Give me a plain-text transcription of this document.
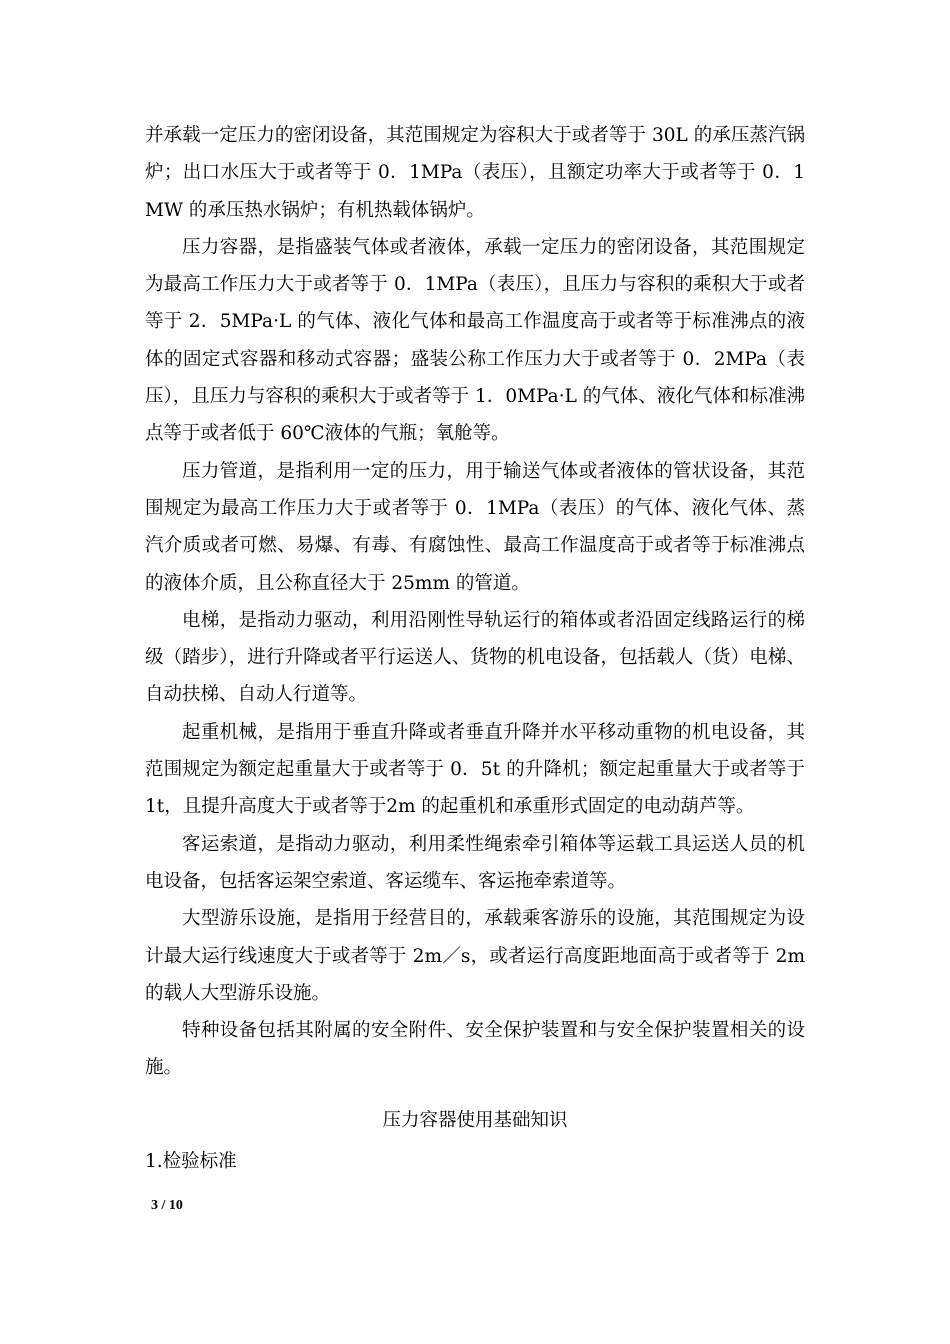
并承载一定压力的密闭设备，其范围规定为容积大于或者等于 30L 的承压蒸汽锅炉；出口水压大于或者等于 0．1MPa（表压），且额定功率大于或者等于 0．1MW 的承压热水锅炉；有机热载体锅炉。

压力容器，是指盛装气体或者液体，承载一定压力的密闭设备，其范围规定为最高工作压力大于或者等于 0．1MPa（表压），且压力与容积的乘积大于或者等于 2．5MPa·L 的气体、液化气体和最高工作温度高于或者等于标准沸点的液体的固定式容器和移动式容器；盛装公称工作压力大于或者等于 0．2MPa（表压），且压力与容积的乘积大于或者等于 1．0MPa·L 的气体、液化气体和标准沸点等于或者低于 60℃液体的气瓶；氧舱等。

压力管道，是指利用一定的压力，用于输送气体或者液体的管状设备，其范围规定为最高工作压力大于或者等于 0．1MPa（表压）的气体、液化气体、蒸汽介质或者可燃、易爆、有毒、有腐蚀性、最高工作温度高于或者等于标准沸点的液体介质，且公称直径大于 25mm 的管道。

电梯，是指动力驱动，利用沿刚性导轨运行的箱体或者沿固定线路运行的梯级（踏步），进行升降或者平行运送人、货物的机电设备，包括载人（货）电梯、自动扶梯、自动人行道等。

起重机械，是指用于垂直升降或者垂直升降并水平移动重物的机电设备，其范围规定为额定起重量大于或者等于 0．5t 的升降机；额定起重量大于或者等于1t，且提升高度大于或者等于2m 的起重机和承重形式固定的电动葫芦等。

客运索道，是指动力驱动，利用柔性绳索牵引箱体等运载工具运送人员的机电设备，包括客运架空索道、客运缆车、客运拖牵索道等。

大型游乐设施，是指用于经营目的，承载乘客游乐的设施，其范围规定为设计最大运行线速度大于或者等于 2m／s，或者运行高度距地面高于或者等于 2m 的载人大型游乐设施。

特种设备包括其附属的安全附件、安全保护装置和与安全保护装置相关的设施。

压力容器使用基础知识

1.检验标准

3 / 10
